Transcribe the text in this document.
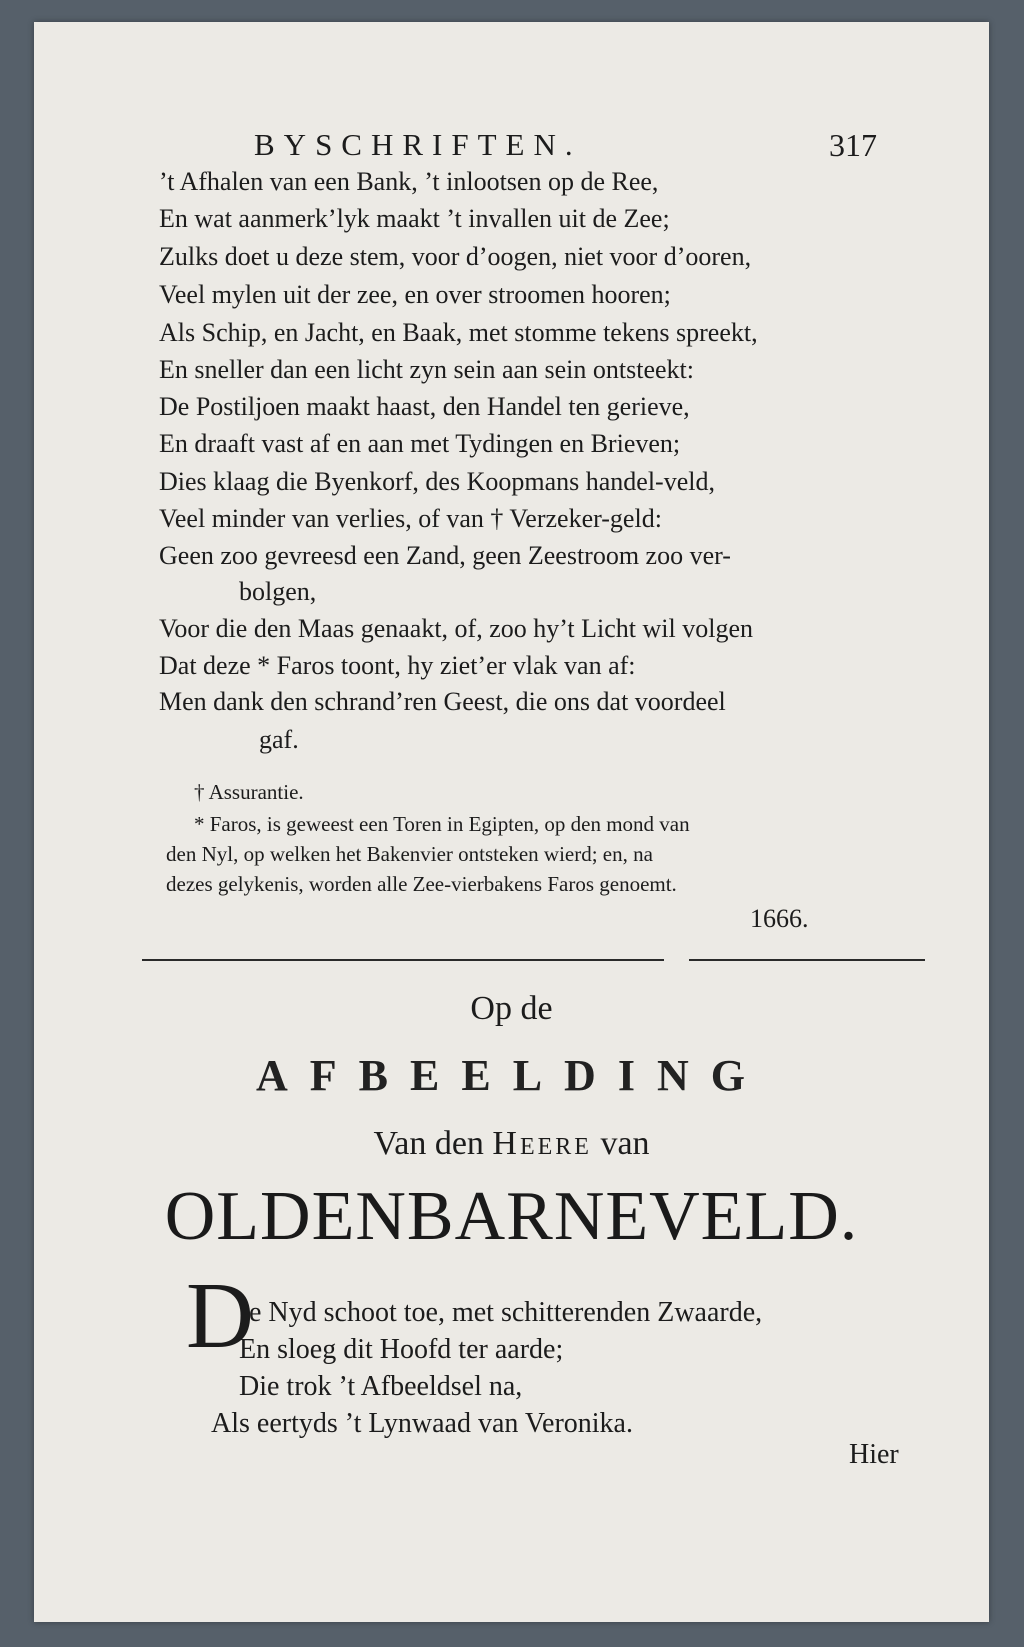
BYSCHRIFTEN.	317
’t Afhalen van een Bank, ’t inlootsen op de Ree,
En wat aanmerk’lyk maakt ’t invallen uit de Zee;
Zulks doet u deze stem, voor d’oogen, niet voor d’ooren,
Veel mylen uit der zee, en over stroomen hooren;
Als Schip, en Jacht, en Baak, met stomme tekens spreekt,
En sneller dan een licht zyn sein aan sein ontsteekt:
De Postiljoen maakt haast, den Handel ten gerieve,
En draaft vast af en aan met Tydingen en Brieven;
Dies klaag die Byenkorf, des Koopmans handel-veld,
Veel minder van verlies, of van † Verzeker-geld:
Geen zoo gevreesd een Zand, geen Zeestroom zoo ver-
bolgen,
Voor die den Maas genaakt, of, zoo hy’t Licht wil volgen
Dat deze * Faros toont, hy ziet’er vlak van af:
Men dank den schrand’ren Geest, die ons dat voordeel
gaf.
† Assurantie.
* Faros, is geweest een Toren in Egipten, op den mond van
den Nyl, op welken het Bakenvier ontsteken wierd; en, na
dezes gelykenis, worden alle Zee-vierbakens Faros genoemt.
1666.
Op de
AFBEELDING
Van den Heere van
OLDENBARNEVELD.
D
e Nyd schoot toe, met schitterenden Zwaarde,
En sloeg dit Hoofd ter aarde;
Die trok ’t Afbeeldsel na,
Als eertyds ’t Lynwaad van Veronika.
Hier
